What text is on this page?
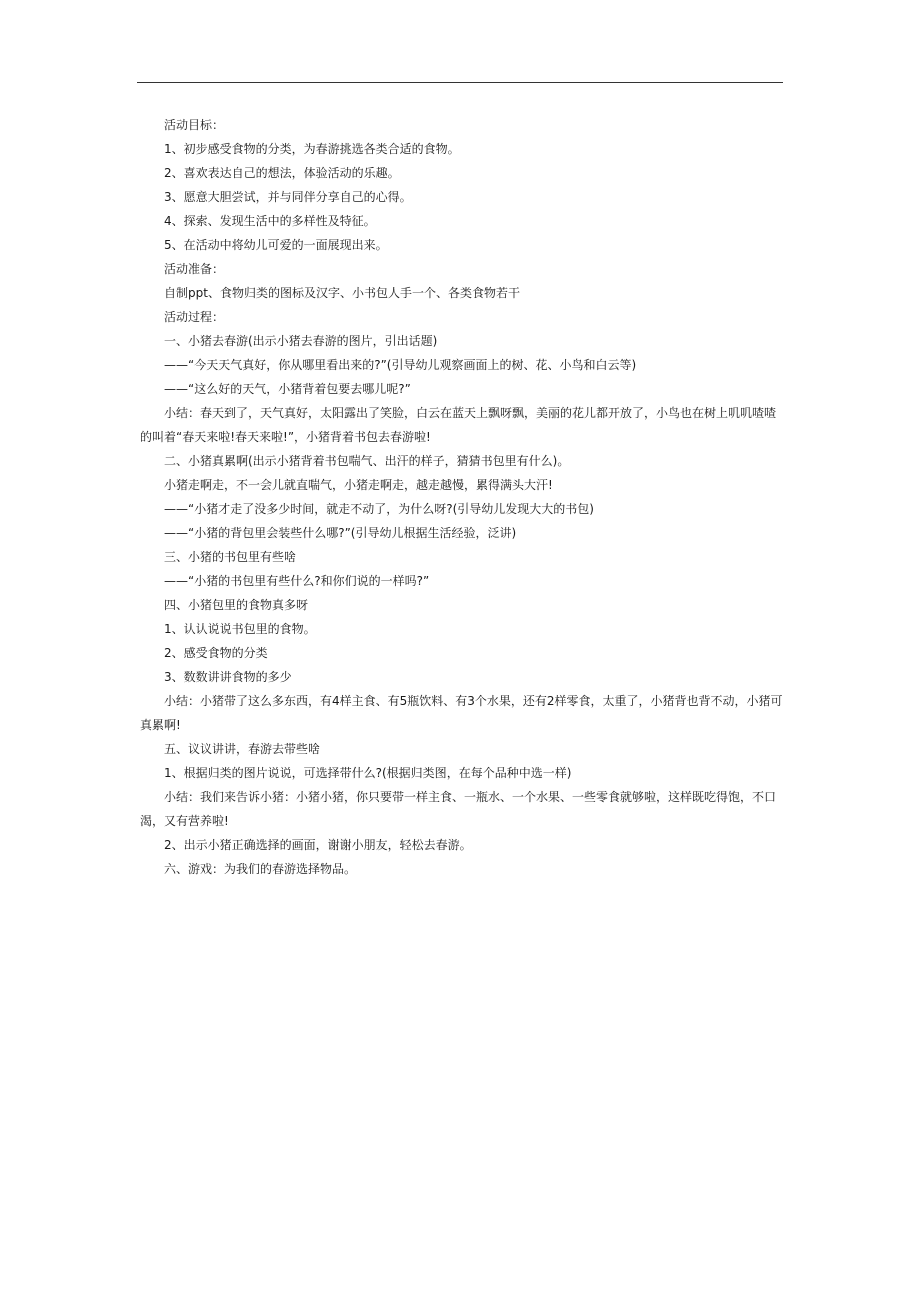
活动目标：

1、初步感受食物的分类，为春游挑选各类合适的食物。

2、喜欢表达自己的想法，体验活动的乐趣。

3、愿意大胆尝试，并与同伴分享自己的心得。

4、探索、发现生活中的多样性及特征。

5、在活动中将幼儿可爱的一面展现出来。

活动准备：

自制ppt、食物归类的图标及汉字、小书包人手一个、各类食物若干

活动过程：

一、小猪去春游(出示小猪去春游的图片，引出话题)

——“今天天气真好，你从哪里看出来的?”(引导幼儿观察画面上的树、花、小鸟和白云等)

——“这么好的天气，小猪背着包要去哪儿呢?”

小结：春天到了，天气真好，太阳露出了笑脸，白云在蓝天上飘呀飘，美丽的花儿都开放了，小鸟也在树上叽叽喳喳的叫着“春天来啦!春天来啦!”，小猪背着书包去春游啦!

二、小猪真累啊(出示小猪背着书包喘气、出汗的样子，猜猜书包里有什么)。

小猪走啊走，不一会儿就直喘气，小猪走啊走，越走越慢，累得满头大汗!

——“小猪才走了没多少时间，就走不动了，为什么呀?(引导幼儿发现大大的书包)

——“小猪的背包里会装些什么哪?”(引导幼儿根据生活经验，泛讲)

三、小猪的书包里有些啥

——“小猪的书包里有些什么?和你们说的一样吗?”

四、小猪包里的食物真多呀

1、认认说说书包里的食物。

2、感受食物的分类

3、数数讲讲食物的多少

小结：小猪带了这么多东西，有4样主食、有5瓶饮料、有3个水果，还有2样零食，太重了，小猪背也背不动，小猪可真累啊!

五、议议讲讲，春游去带些啥

1、根据归类的图片说说，可选择带什么?(根据归类图，在每个品种中选一样)

小结：我们来告诉小猪：小猪小猪，你只要带一样主食、一瓶水、一个水果、一些零食就够啦，这样既吃得饱，不口渴，又有营养啦!

2、出示小猪正确选择的画面，谢谢小朋友，轻松去春游。

六、游戏：为我们的春游选择物品。
